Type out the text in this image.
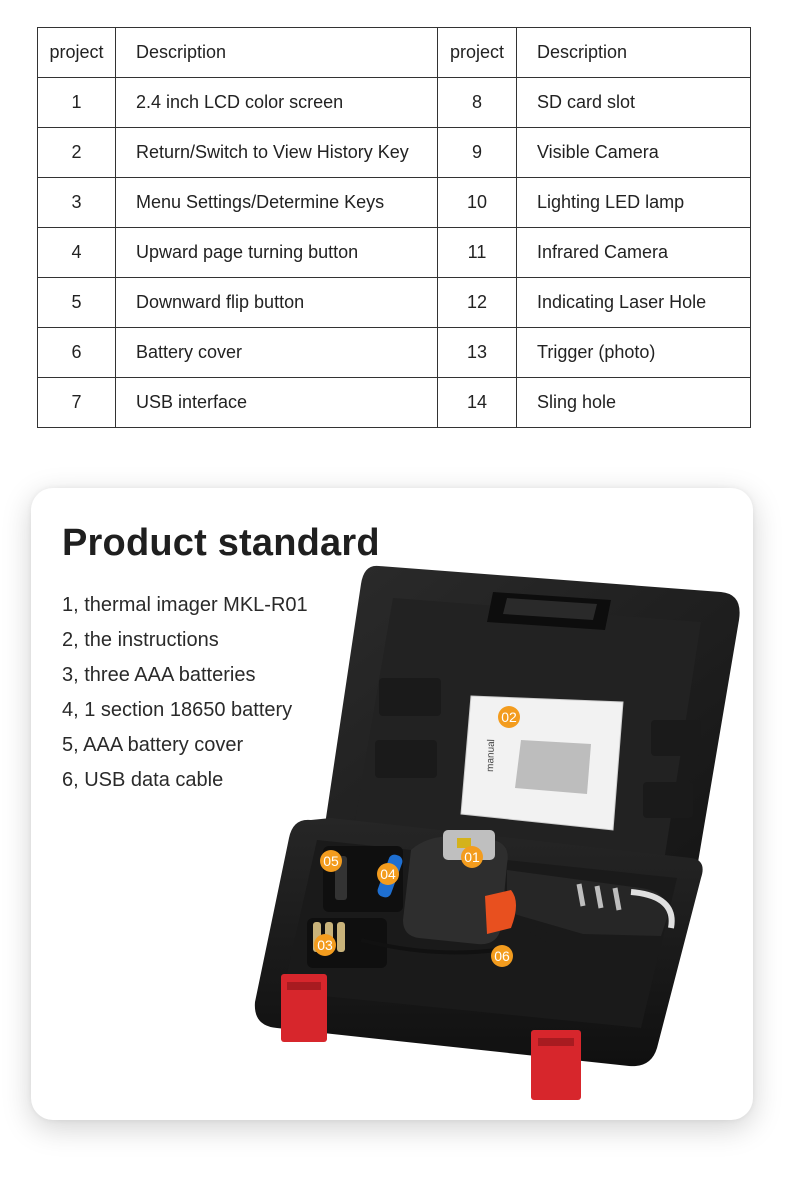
project	Description	project	Description
1	2.4 inch LCD color screen	8	SD card slot
2	Return/Switch to View History Key	9	Visible Camera
3	Menu Settings/Determine Keys	10	Lighting LED lamp
4	Upward page turning button	11	Infrared Camera
5	Downward flip button	12	Indicating Laser Hole
6	Battery cover	13	Trigger (photo)
7	USB interface	14	Sling hole
manual
01
02
03
04
05
06
Product standard
1, thermal imager MKL-R01
2, the instructions
3, three AAA batteries
4, 1 section 18650 battery
5, AAA battery cover
6, USB data cable
